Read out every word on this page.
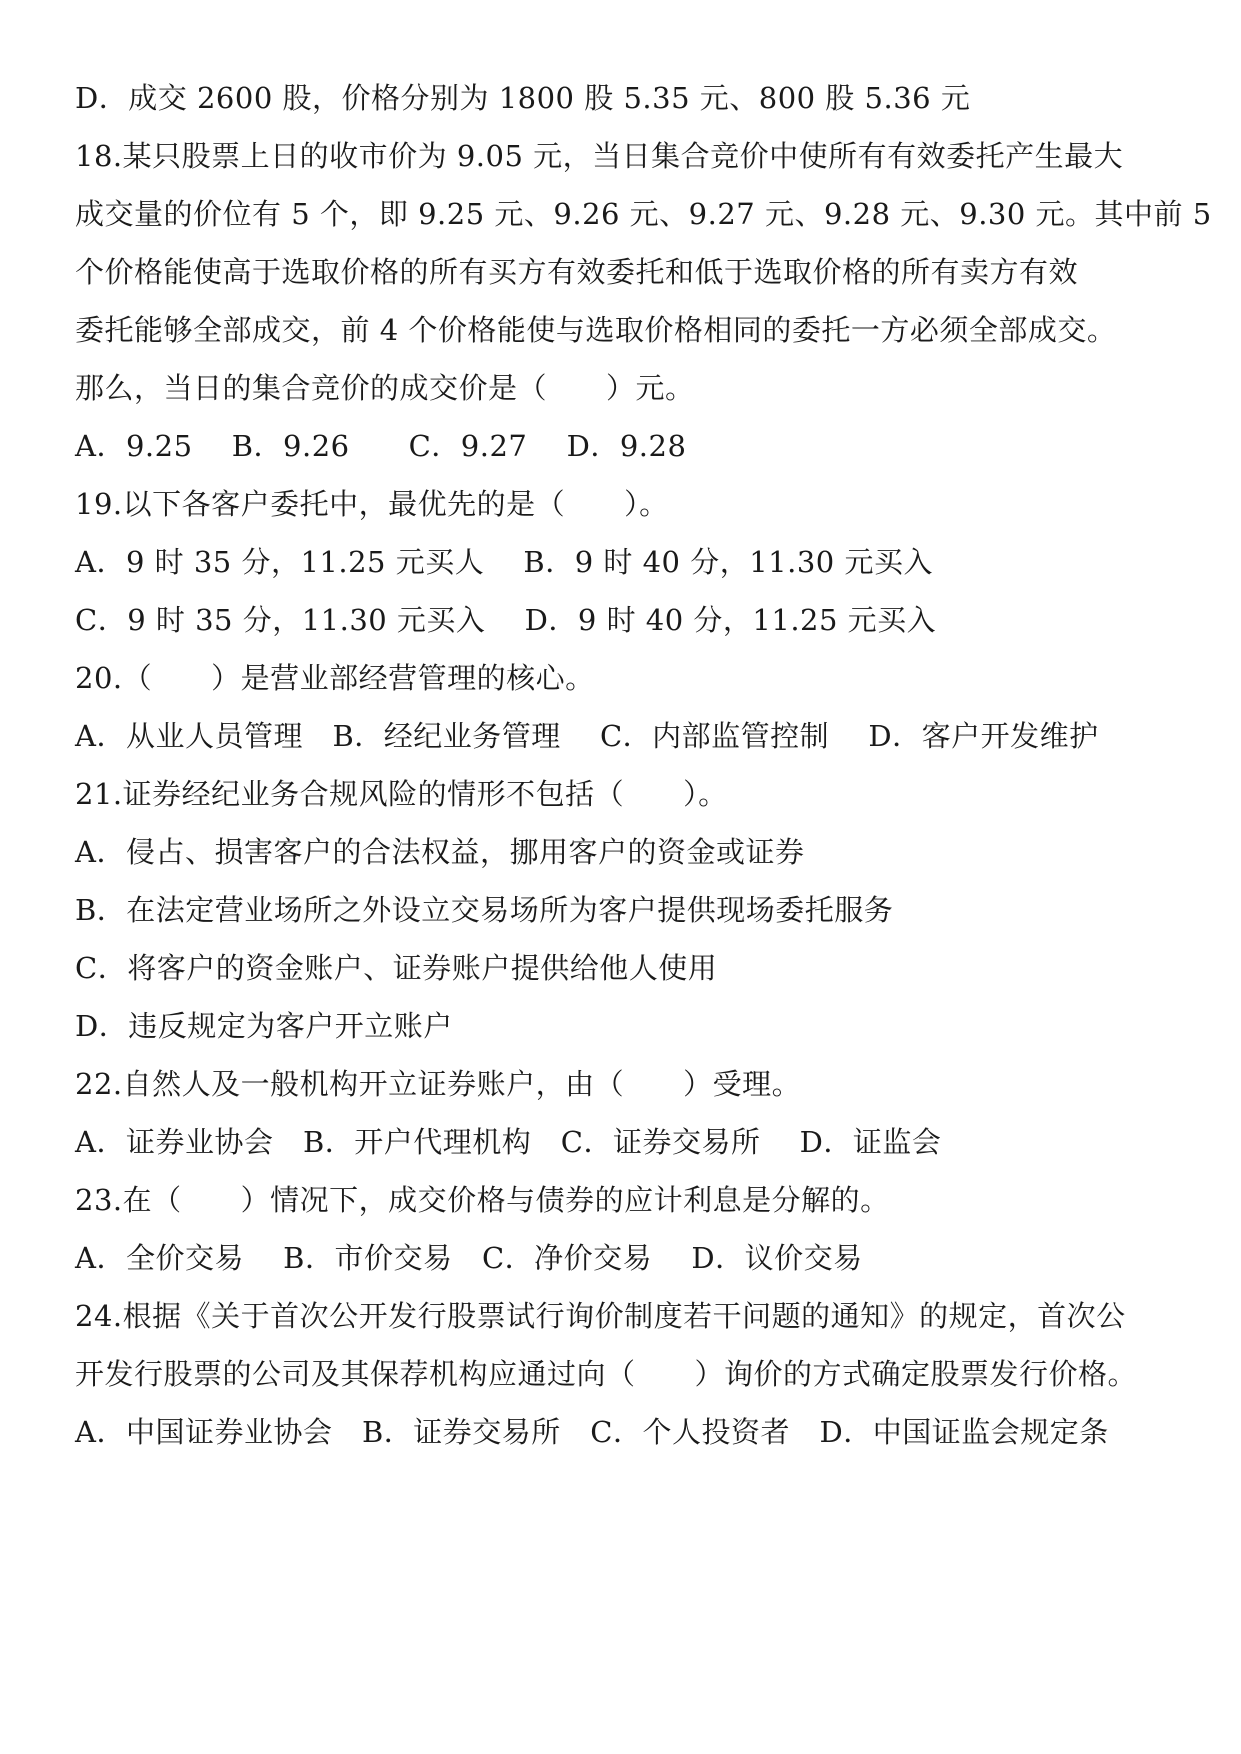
D．成交 2600 股，价格分别为 1800 股 5.35 元、800 股 5.36 元
18.某只股票上日的收市价为 9.05 元，当日集合竞价中使所有有效委托产生最大
成交量的价位有 5 个，即 9.25 元、9.26 元、9.27 元、9.28 元、9.30 元。其中前 5
个价格能使高于选取价格的所有买方有效委托和低于选取价格的所有卖方有效
委托能够全部成交，前 4 个价格能使与选取价格相同的委托一方必须全部成交。
那么，当日的集合竞价的成交价是（　　）元。
A．9.25　 B．9.26　　C．9.27　 D．9.28
19.以下各客户委托中，最优先的是（　　）。
A．9 时 35 分，11.25 元买人　 B．9 时 40 分，11.30 元买入
C．9 时 35 分，11.30 元买入　 D．9 时 40 分，11.25 元买入
20.（　　）是营业部经营管理的核心。
A．从业人员管理　B．经纪业务管理　 C．内部监管控制　 D．客户开发维护
21.证券经纪业务合规风险的情形不包括（　　）。
A．侵占、损害客户的合法权益，挪用客户的资金或证券
B．在法定营业场所之外设立交易场所为客户提供现场委托服务
C．将客户的资金账户、证券账户提供给他人使用
D．违反规定为客户开立账户
22.自然人及一般机构开立证券账户，由（　　）受理。
A．证券业协会　B．开户代理机构　C．证券交易所　 D．证监会
23.在（　　）情况下，成交价格与债券的应计利息是分解的。
A．全价交易　 B．市价交易　C．净价交易　 D．议价交易
24.根据《关于首次公开发行股票试行询价制度若干问题的通知》的规定，首次公
开发行股票的公司及其保荐机构应通过向（　　）询价的方式确定股票发行价格。
A．中国证券业协会　B．证券交易所　C．个人投资者　D．中国证监会规定条
